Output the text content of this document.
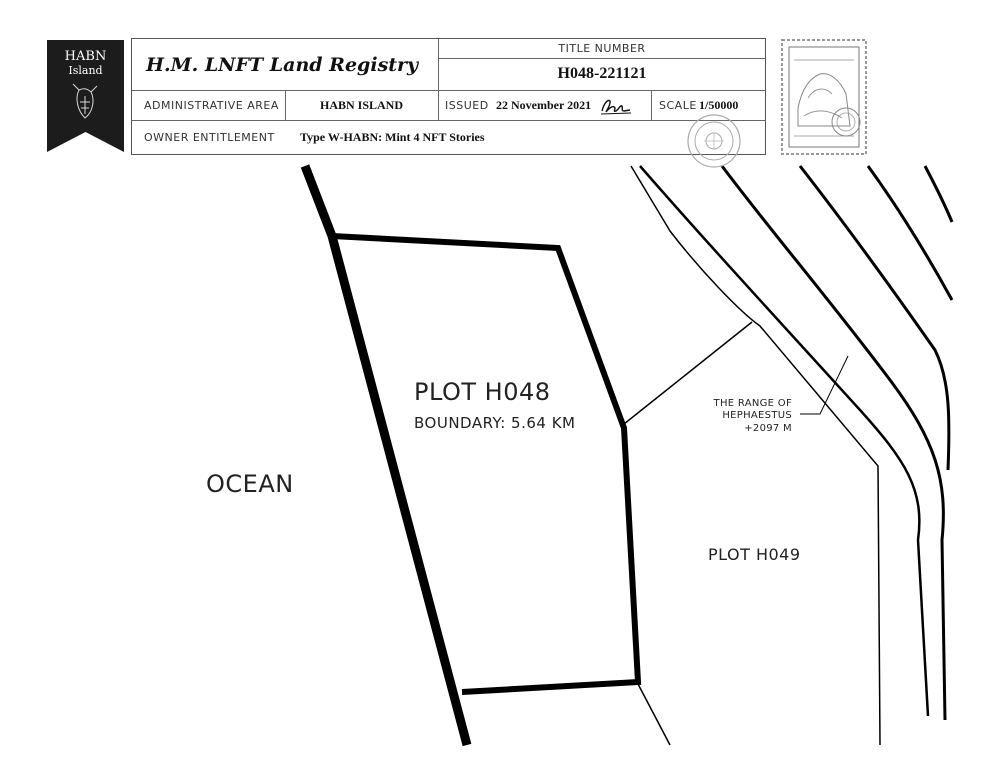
PLOT H048
BOUNDARY: 5.64 KM
OCEAN
PLOT H049
THE RANGE OF
HEPHAESTUS
+2097 M
HABN
Island	H.M. LNFT Land Registry
TITLE NUMBER
H048-221121
ADMINISTRATIVE AREA	HABN ISLAND	ISSUED 22 November 2021	SCALE 1/50000
OWNER ENTITLEMENT	Type W-HABN: Mint 4 NFT Stories
